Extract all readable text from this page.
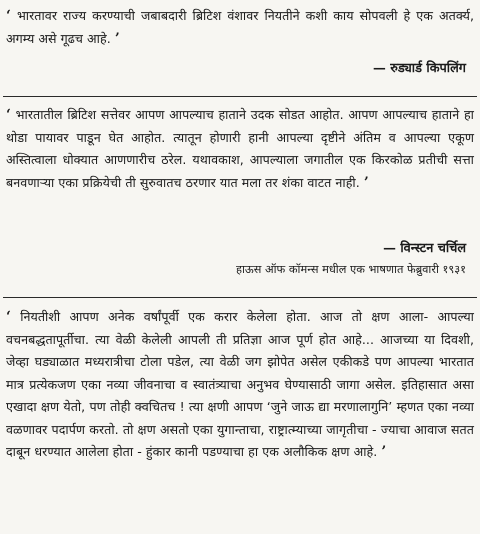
‘ भारतावर राज्य करण्याची जबाबदारी ब्रिटिश वंशावर नियतीने कशी काय सोपवली हे एक अतर्क्य, अगम्य असे गूढच आहे. ’
— रुड्यार्ड किपलिंग
‘ भारतातील ब्रिटिश सत्तेवर आपण आपल्याच हाताने उदक सोडत आहोत. आपण आपल्याच हाताने हा थोडा पायावर पाडून घेत आहोत. त्यातून होणारी हानी आपल्या दृष्टीने अंतिम व आपल्या एकूण अस्तित्वाला धोक्यात आणणारीच ठरेल. यथावकाश, आपल्याला जगातील एक किरकोळ प्रतीची सत्ता बनवणाऱ्या एका प्रक्रियेची ती सुरुवातच ठरणार यात मला तर शंका वाटत नाही. ’
— विन्स्टन चर्चिल
हाऊस ऑफ कॉमन्स मधील एक भाषणात फेब्रुवारी १९३१
‘ नियतीशी आपण अनेक वर्षांपूर्वी एक करार केलेला होता. आज तो क्षण आला- आपल्या वचनबद्धतापूर्तीचा. त्या वेळी केलेली आपली ती प्रतिज्ञा आज पूर्ण होत आहे... आजच्या या दिवशी, जेव्हा घड्याळात मध्यरात्रीचा टोला पडेल, त्या वेळी जग झोपेत असेल एकीकडे पण आपल्या भारतात मात्र प्रत्येकजण एका नव्या जीवनाचा व स्वातंत्र्याचा अनुभव घेण्यासाठी जागा असेल. इतिहासात असा एखादा क्षण येतो, पण तोही क्वचितच ! त्या क्षणी आपण ‘जुने जाऊ द्या मरणालागुनि’ म्हणत एका नव्या वळणावर पदार्पण करतो. तो क्षण असतो एका युगान्ताचा, राष्ट्रात्म्याच्या जागृतीचा - ज्याचा आवाज सतत दाबून धरण्यात आलेला होता - हुंकार कानी पडण्याचा हा एक अलौकिक क्षण आहे. ’
